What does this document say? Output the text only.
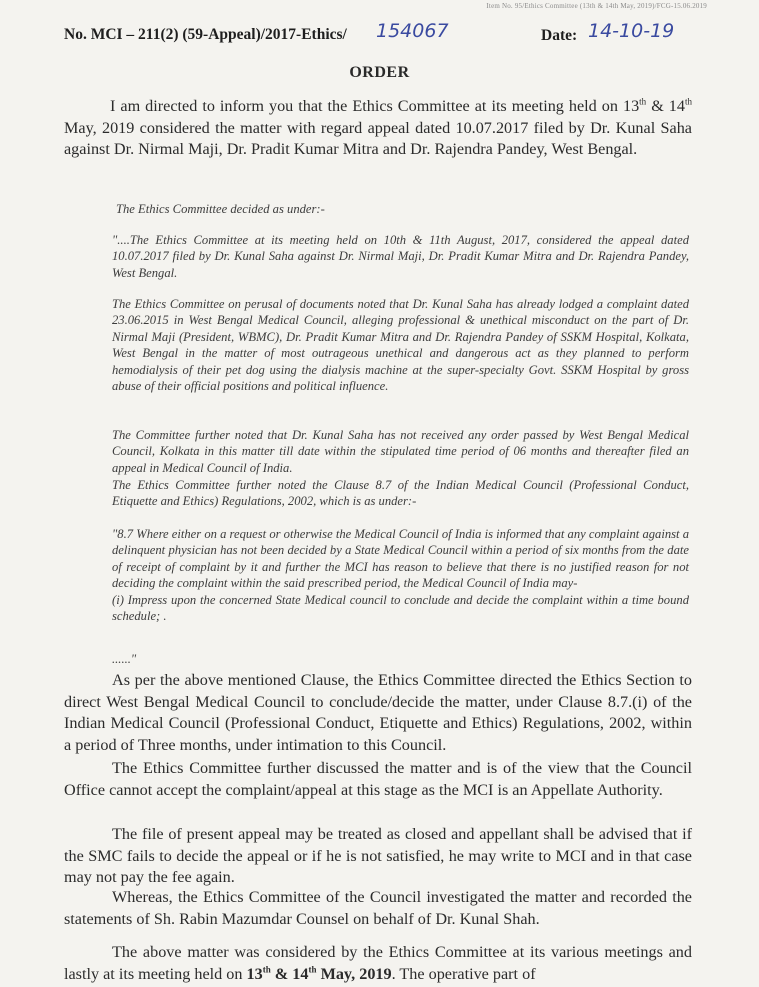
Item No. 95/Ethics Committee (13th & 14th May, 2019)/FCG-15.06.2019
No. MCI – 211(2) (59-Appeal)/2017-Ethics/ 154067	Date: 14-10-19
ORDER
I am directed to inform you that the Ethics Committee at its meeting held on 13th & 14th May, 2019 considered the matter with regard appeal dated 10.07.2017 filed by Dr. Kunal Saha against Dr. Nirmal Maji, Dr. Pradit Kumar Mitra and Dr. Rajendra Pandey, West Bengal.
The Ethics Committee decided as under:-
"....The Ethics Committee at its meeting held on 10th & 11th August, 2017, considered the appeal dated 10.07.2017 filed by Dr. Kunal Saha against Dr. Nirmal Maji, Dr. Pradit Kumar Mitra and Dr. Rajendra Pandey, West Bengal.
The Ethics Committee on perusal of documents noted that Dr. Kunal Saha has already lodged a complaint dated 23.06.2015 in West Bengal Medical Council, alleging professional & unethical misconduct on the part of Dr. Nirmal Maji (President, WBMC), Dr. Pradit Kumar Mitra and Dr. Rajendra Pandey of SSKM Hospital, Kolkata, West Bengal in the matter of most outrageous unethical and dangerous act as they planned to perform hemodialysis of their pet dog using the dialysis machine at the super-specialty Govt. SSKM Hospital by gross abuse of their official positions and political influence.
The Committee further noted that Dr. Kunal Saha has not received any order passed by West Bengal Medical Council, Kolkata in this matter till date within the stipulated time period of 06 months and thereafter filed an appeal in Medical Council of India.
The Ethics Committee further noted the Clause 8.7 of the Indian Medical Council (Professional Conduct, Etiquette and Ethics) Regulations, 2002, which is as under:-
"8.7 Where either on a request or otherwise the Medical Council of India is informed that any complaint against a delinquent physician has not been decided by a State Medical Council within a period of six months from the date of receipt of complaint by it and further the MCI has reason to believe that there is no justified reason for not deciding the complaint within the said prescribed period, the Medical Council of India may-
(i) Impress upon the concerned State Medical council to conclude and decide the complaint within a time bound schedule; .
......"
As per the above mentioned Clause, the Ethics Committee directed the Ethics Section to direct West Bengal Medical Council to conclude/decide the matter, under Clause 8.7.(i) of the Indian Medical Council (Professional Conduct, Etiquette and Ethics) Regulations, 2002, within a period of Three months, under intimation to this Council.
The Ethics Committee further discussed the matter and is of the view that the Council Office cannot accept the complaint/appeal at this stage as the MCI is an Appellate Authority.
The file of present appeal may be treated as closed and appellant shall be advised that if the SMC fails to decide the appeal or if he is not satisfied, he may write to MCI and in that case may not pay the fee again.
Whereas, the Ethics Committee of the Council investigated the matter and recorded the statements of Sh. Rabin Mazumdar Counsel on behalf of Dr. Kunal Shah.
The above matter was considered by the Ethics Committee at its various meetings and lastly at its meeting held on 13th & 14th May, 2019. The operative part of
